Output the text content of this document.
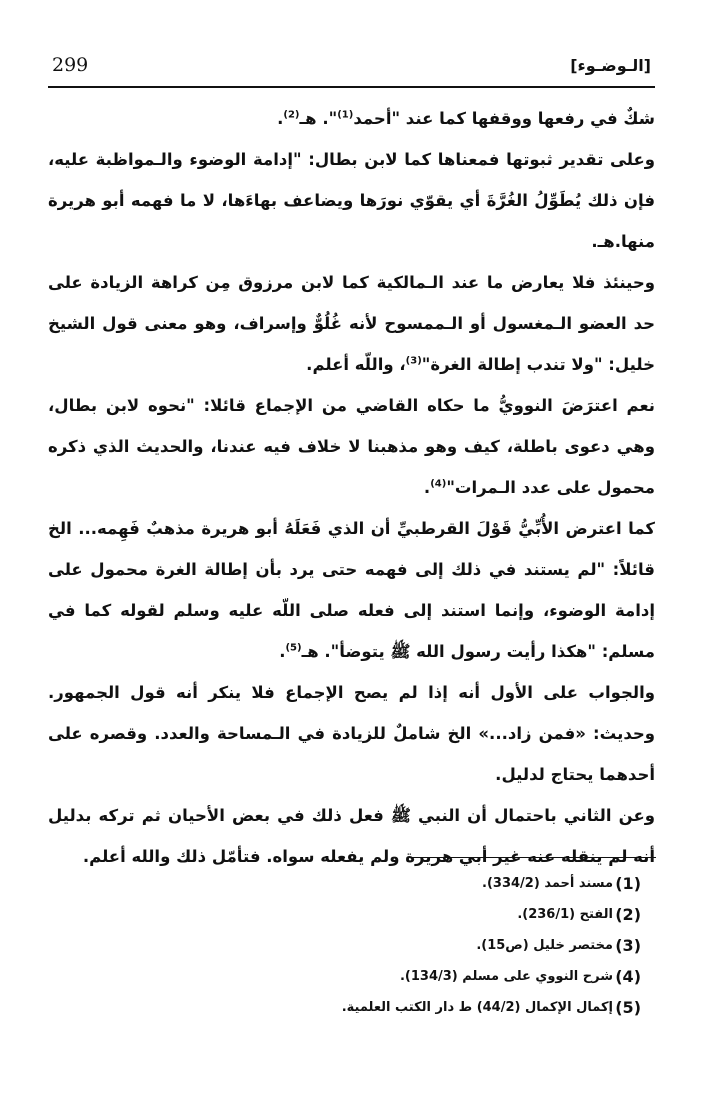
299	[الـوضـوء]

شكٌ في رفعها ووقفها كما عند "أحمد$^{(1)}$". هـ$^{(2)}$.

وعلى تقدير ثبوتها فمعناها كما لابن بطال: "إدامة الوضوء والـمواظبة عليه، فإن ذلك يُطَوِّلُ الغُرَّةَ أي يقوّي نورَها ويضاعف بهاءَها، لا ما فهمه أبو هريرة منها.هـ.

وحينئذ فلا يعارض ما عند الـمالكية كما لابن مرزوق مِن كراهة الزيادة على حد العضو الـمغسول أو الـممسوح لأنه غُلُوٌّ وإسراف، وهو معنى قول الشيخ خليل: "ولا تندب إطالة الغرة"$^{(3)}$، واللّه أعلم.

نعم اعترَضَ النوويُّ ما حكاه القاضي من الإجماع قائلا: "نحوه لابن بطال، وهي دعوى باطلة، كيف وهو مذهبنا لا خلاف فيه عندنا، والحديث الذي ذكره محمول على عدد الـمرات"$^{(4)}$.

كما اعترض الأُبِّيُّ قَوْلَ القرطبيِّ أن الذي فَعَلَهُ أبو هريرة مذهبٌ فَهِمه... الخ قائلاً: "لم يستند في ذلك إلى فهمه حتى يرد بأن إطالة الغرة محمول على إدامة الوضوء، وإنما استند إلى فعله صلى اللّه عليه وسلم لقوله كما في مسلم: "هكذا رأيت رسول الله ﷺ يتوضأ". هـ$^{(5)}$.

والجواب على الأول أنه إذا لم يصح الإجماع فلا ينكر أنه قول الجمهور. وحديث: «فمن زاد...» الخ شاملٌ للزيادة في الـمساحة والعدد. وقصره على أحدهما يحتاج لدليل.

وعن الثاني باحتمال أن النبي ﷺ فعل ذلك في بعض الأحيان ثم تركه بدليل أنه لم ينقله عنه غير أبي هريرة ولم يفعله سواه. فتأمّل ذلك والله أعلم.

(1)
مسند أحمد (334/2).
(2)
الفتح (236/1).
(3)
مختصر خليل (ص15).
(4)
شرح النووي على مسلم (134/3).
(5)
إكمال الإكمال (44/2) ط دار الكتب العلمية.
